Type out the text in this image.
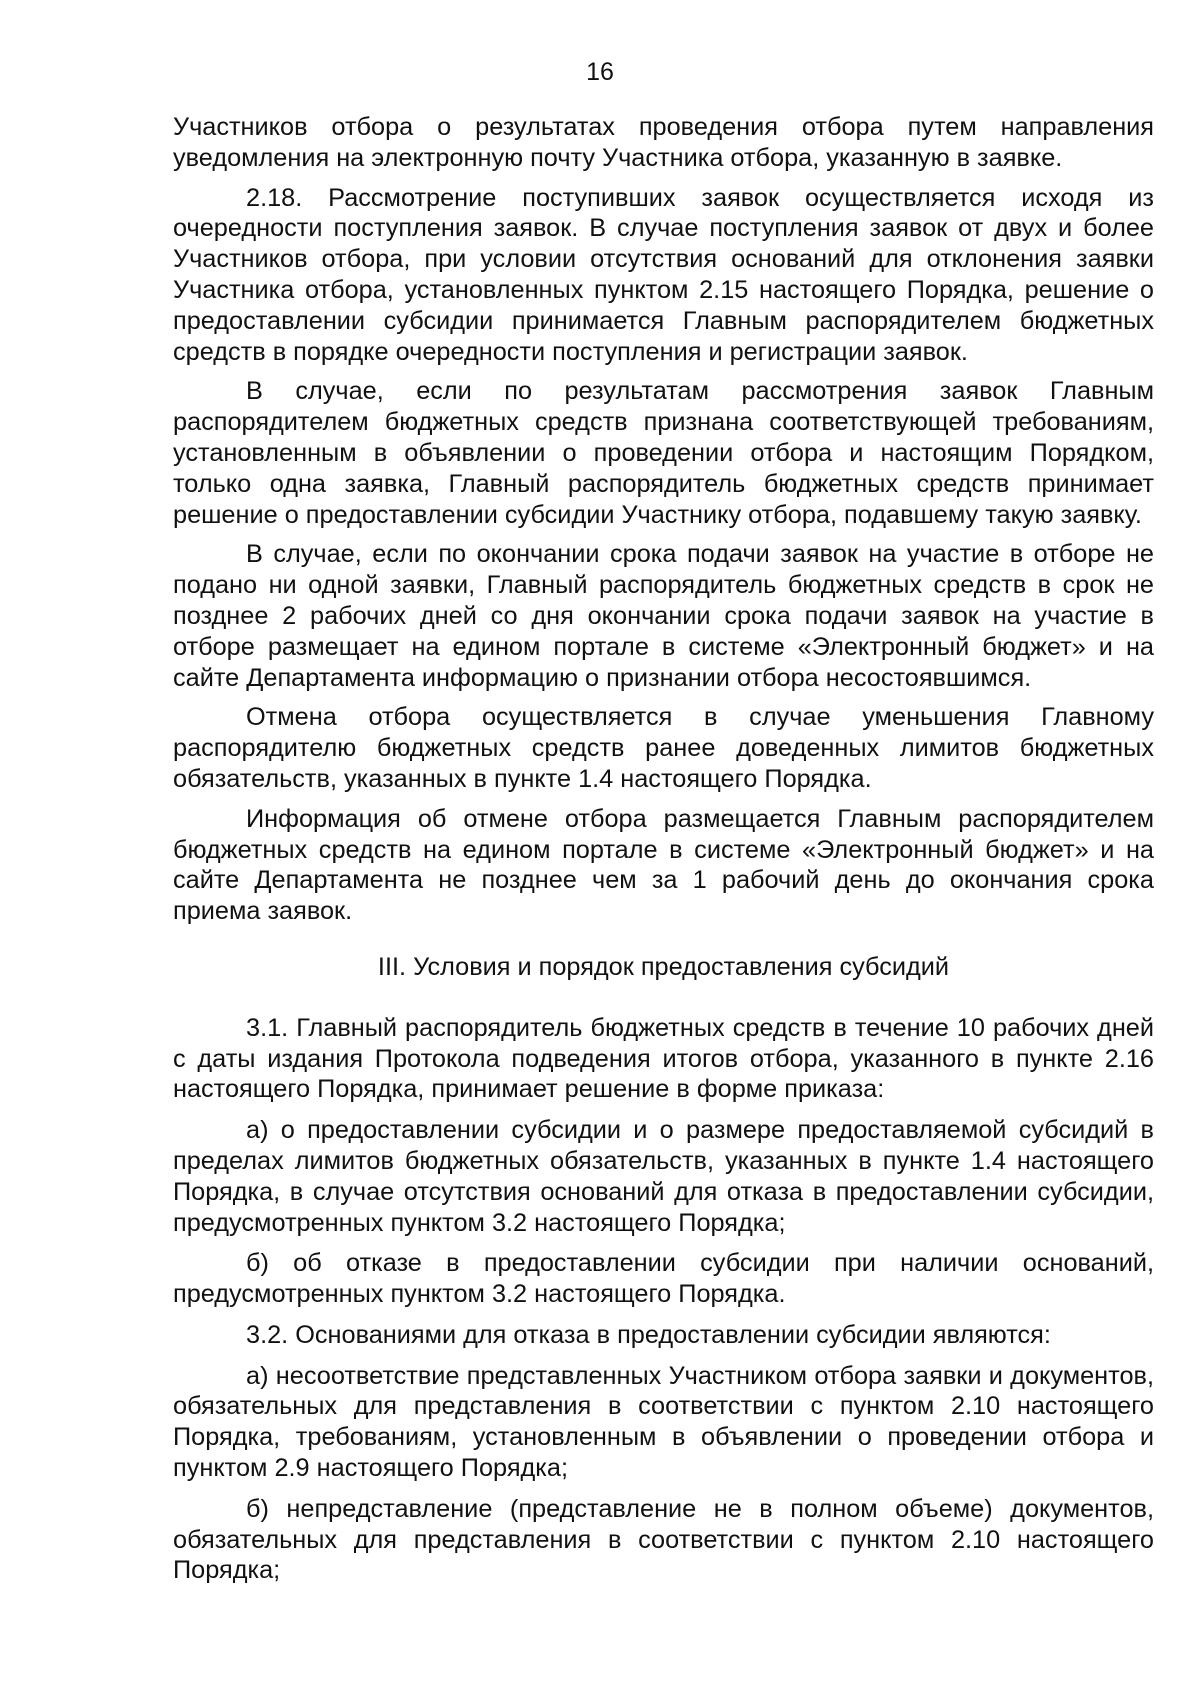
16

Участников отбора о результатах проведения отбора путем направления уведомления на электронную почту Участника отбора, указанную в заявке.

2.18. Рассмотрение поступивших заявок осуществляется исходя из очередности поступления заявок. В случае поступления заявок от двух и более Участников отбора, при условии отсутствия оснований для отклонения заявки Участника отбора, установленных пунктом 2.15 настоящего Порядка, решение о предоставлении субсидии принимается Главным распорядителем бюджетных средств в порядке очередности поступления и регистрации заявок.

В случае, если по результатам рассмотрения заявок Главным распорядителем бюджетных средств признана соответствующей требованиям, установленным в объявлении о проведении отбора и настоящим Порядком, только одна заявка, Главный распорядитель бюджетных средств принимает решение о предоставлении субсидии Участнику отбора, подавшему такую заявку.

В случае, если по окончании срока подачи заявок на участие в отборе не подано ни одной заявки, Главный распорядитель бюджетных средств в срок не позднее 2 рабочих дней со дня окончании срока подачи заявок на участие в отборе размещает на едином портале в системе «Электронный бюджет» и на сайте Департамента информацию о признании отбора несостоявшимся.

Отмена отбора осуществляется в случае уменьшения Главному распорядителю бюджетных средств ранее доведенных лимитов бюджетных обязательств, указанных в пункте 1.4 настоящего Порядка.

Информация об отмене отбора размещается Главным распорядителем бюджетных средств на едином портале в системе «Электронный бюджет» и на сайте Департамента не позднее чем за 1 рабочий день до окончания срока приема заявок.

III. Условия и порядок предоставления субсидий

3.1. Главный распорядитель бюджетных средств в течение 10 рабочих дней с даты издания Протокола подведения итогов отбора, указанного в пункте 2.16 настоящего Порядка, принимает решение в форме приказа:

а) о предоставлении субсидии и о размере предоставляемой субсидий в пределах лимитов бюджетных обязательств, указанных в пункте 1.4 настоящего Порядка, в случае отсутствия оснований для отказа в предоставлении субсидии, предусмотренных пунктом 3.2 настоящего Порядка;

б) об отказе в предоставлении субсидии при наличии оснований, предусмотренных пунктом 3.2 настоящего Порядка.

3.2. Основаниями для отказа в предоставлении субсидии являются:

а) несоответствие представленных Участником отбора заявки и документов, обязательных для представления в соответствии с пунктом 2.10 настоящего Порядка, требованиям, установленным в объявлении о проведении отбора и пунктом 2.9 настоящего Порядка;

б) непредставление (представление не в полном объеме) документов, обязательных для представления в соответствии с пунктом 2.10 настоящего Порядка;
